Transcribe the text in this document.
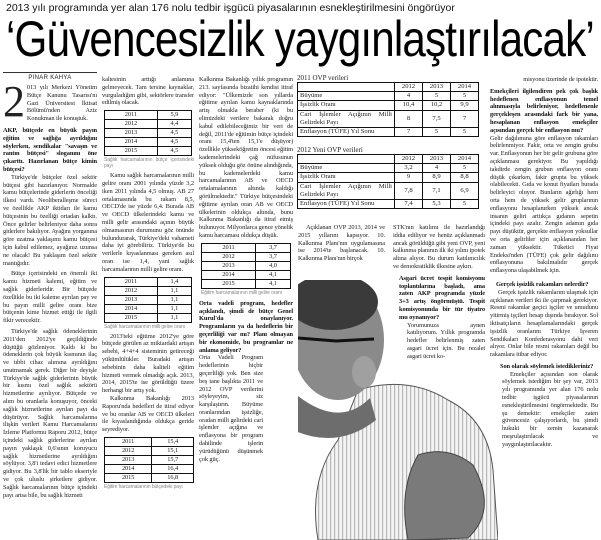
2013 yılı programında yer alan 176 nolu tedbir işgücü piyasalarının esnekleştirilmesini öngörüyor
‘Güvencesizlik yaygınlaştırılacak’
PINAR KAHYA

2 013 yılı Merkezi Yönetim Bütçe Kanunu Tasarısı'nı Gazi Üniversitesi İktisat Bölümü'nden Aziz Konukman ile konuştuk.

AKP, bütçede en büyük payın eğitim ve sağlığa ayrıldığını söylerken, sendikalar "savaşın ve rantın bütçesi" sloganını öne çıkarttı. Hazırlanan bütçe kimin bütçesi?

Türkiye'de bütçeler özel sektör bütçesi gibi hazırlanıyor. Normalde kamu bütçelerinde giderlerin önceliği ilkesi vardı. Neoliberalleşme süreci ve özellikle AKP iktidarı ile kamu bütçesinin bu özelliği ortadan kalktı. Önce gelirler belirleniyor daha sonra giderlere bakılıyor. Ayağını yorganına göre uzatma yaklaşımı kamu bütçesi için kabul edilemez, ayağınız uzunsa ne olacak! Bu yaklaşım özel sektör mantığıdır.

Bütçe içerisindeki en önemli iki kamu hizmeti kalemi, eğitim ve sağlık giderleridir. Bir bütçede özellikle bu iki kaleme ayrılan pay ve bu payın milli gelire oranı bize bütçenin kime hizmet ettiği ile ilgili fikir verecektir.

Türkiye'de sağlık ödeneklerinin 2011'den 2012'ye geçildiğinde düştüğü gözleniyor. Kaldı ki bu ödeneklerin çok büyük kısmının ilaç ve tıbbi cihaz alımına ayrıldığını unutmamak gerek. Diğer bir deyişle Türkiye'de sağlık giderlerinin büyük bir kısmı özel sağlık sektörü hizmetlerine ayrılıyor. Bütçede ve alım bu oranlarla konuşuyor, önceki sağlık hizmetlerine ayrılan payı da düşürüyor. Sağlık harcamalarına ilişkin verileri Kamu Harcamalarını İzleme Platformu Raporu 2012, bütçe içindeki sağlık giderlerine ayrılan payın yaklaşık 0,6'sının koruyucu sağlık hizmetlerine ayrıldığını söylüyor. 3,8'i tedavi edici hizmetlere gidiyor. Bu 3,8'lik bir tablo ekseriyle ve çok uluslu şirketlere gidiyor. Sağlık harcamalarının bütçe içindeki payı artsa bile, bu sağlık hizmeti

kaltesinin arttığı anlamına gelmeyecek. Tam tersine kaynaklar, vurguladığım gibi, sektörlere transfer edilmiş olacak.

2011	5,9
2012	4,4
2013	4,5
2014	4,5
2015	4,5
Sağlık harcamalarının bütçe içerisindeki payı

Kamu sağlık harcamalarının milli gelire oranı 2001 yılında yüzde 3,2 iken 2011 yılında 4,5 olmuş. AB 27 ortalamasında bu rakam 8,5, OECD'de ise yüzde 6,4. Burada AB ve OECD ülkelerindeki kamu ve milli gelir arasındaki açının büyük olmamasının durumunu göz önünde bulundurarak, Türkiye'deki vahameti daha iyi görebiliriz. Türkiye'de bu verilerle kıyaslanması gereken asıl oran ise 1,4, yani sağlık harcamalarının milli gelire oranı.

2011	1,4
2012	1,1
2013	1,1
2014	1,1
2015	1,1
Sağlık harcamalarının milli gelire oranı

2013'teki eğitime 2012'ye göre bütçede görülen az miktardaki artışın sebebi, 4+4+4 sisteminin getireceği yükümlülükler. Buradaki artışın sebebinin daha kaliteli eğitim hizmeti vermek olmadığı açık. 2013, 2014, 2015'te ise görüldüğü üzere herhangi bir artış yok.

Kalkınma Bakanlığı 2013 Raporu'nda hedefleri de itiraf ediyor ve bu oranlar AB ve OECD ülkeleri ile kıyaslandığında oldukça geride seyrediyor.

2011	15,4
2012	15,1
2013	15,7
2014	16,4
2015	16,8
Eğitim harcamalarının bütçedeki payı

Kalkınma Bakanlığı yıllık programın 213. sayfasında bizatihi kendisi itiraf ediyor: "Ülkemizde son yıllarda eğitime ayrılan kamu kaynaklarında artış olmakla beraber (ki bu elimizdeki verilere bakarak doğru kabul edilebileceğimiz bir veri de değil, 2011'de eğitimin bütçe içindeki oranı 15,4'ten 15,1'e düşüyor) özellikle yükseköğretim öncesi eğitim kademelerindeki çağ nüfusunun yüksek olduğu göz önüne alındığında, bu kademelerdeki kamu harcamalarının AB ve OECD ortalamalarının altında kaldığı görülmektedir." Türkiye bütçesindeki eğitime ayrılan oran AB ve OECD ülkelerinin oldukça altında, bunu Kalkınma Bakanlığı da itiraf etmiş bulunuyor. Milyonlarca gence yönelik kamu harcaması oldukça düşük.

2011	3,7
2012	3,7
2013	4,0
2014	4,1
2015	4,1
Eğitim harcamalarının milli gelire oranı

Orta vadeli program, hedefler açıklandı, şimdi de bütçe Genel Kurul'da onaylanıyor. Programların ya da hedeflerin bir geçerliliği var mı? Planı olmayan bir ekonomide, bu programlar ne anlama geliyor?

Orta Vadeli Program hedeflerinin hiçbir geçerliliği yok. Ben size beş tane başlıkta 2011 ve 2012 OVP verilerini söyleyeyim, siz karşılaştırın. Büyüme oranlarından işsizliğe, oradan milli gelirdeki cari işlemler açığına ve enflasyona bir program dahilinde işlerin yürüdüğünü düşünmek çok güç.

2011 OVP verileri
	2012	2013	2014
Büyüme	4	5	5
İşsizlik Oranı	10,4	10,2	9,9
Cari İşlemler Açığının Milli Gelirdeki Payı	8	7,5	7
Enflasyon (TÜFE) Yıl Sonu	7	5	5
2012 Yeni OVP verileri
	2012	2013	2014
Büyüme	3,2	4	5
İşsizlik Oranı	9	8,9	8,8
Cari İşlemler Açığının Milli Gelirdeki Payı	7,8	7,1	6,9
Enflasyon (TÜFE) Yıl Sonu	7,4	5,3	5

Açıklanan OVP 2013, 2014 ve 2015 yıllarını kapsıyor. 10. Kalkınma Planı'nın uygulamasına ise 2014'te başlanacak. 10. Kalkınma Planı'nın birçok

STK'nın katılımı ile hazırlandığı iddia ediliyor ve henüz açıklanmadı ancak görüldüğü gibi yeni OVP, yeni kalkınma planının ilk iki yılını ipotek altına alıyor. Bu durum katılımcılık ve demokratiklik ilkesine aykırı.

Asgari ücret tespit komisyonu toplantılarına başladı, ama zaten AKP programda yüzde 3+3 artış öngörmüştü. Tespit komisyonunda bir tür tiyatro mu oynanıyor?

Yorumunuza aynen katılıyorum. Yıllık programda hedefler belirlenmiş zaten asgari ücret için. Bu rezalet asgari ücret ko-

misyonu üzerinde de ipotektir.

Emekçileri ilgilendiren pek çok başlık hedeflenen enflasyonun temel alınmasıyla belirleniyor, hedeflenenle gerçekleşen arasındaki fark bir yana, hesaplanan enflasyon emekçiler açısından gerçek bir enflasyon mu?

Gelir dağılımına göre enflasyon rakamları belirlenmiyor. Fakir, orta ve zengin grubu var. Enflasyonun her bir gelir grubuna göre açıklanması gerekiyor. Bu yapıldığı takdirde zengin grubun enflasyon oranı düşük çıkarken, fakir grupta bu yüksek olabilecekti. Gıda ve konut fiyatları burada belirleyici oluyor. Bunların ağırlığı hem orta hem de yüksek gelir gruplarının enflasyonu hesaplanırken yüksek ancak insanın geliri arttıkça gıdanın sepetin içindeki payı azalır. Zengin adamın gıda payı düşüktür, gerçekte enflasyon yoksullar ve orta gelirliler için açıklanandan her zaman yüksektir. Tüketici Fiyat Endeksi'nden (TÜFE) çok gelir dağılımı enflasyonuna bakılmalıdır gerçek enflasyona ulaşabilmek için.

Gerçek işsizlik rakamları nelerdir?

Gerçek işsizlik rakamlarını ulaşmak için açıklanan verileri iki ile çarpmak gerekiyor. Resmi rakamlar geçici işçiler ve umudunu yitirmiş işçileri hesap dışında bırakıyor. Sol iktisatçıların hesaplamalarındaki gerçek işsizlik oranlarını Türkiye İşveren Sendikaları Konfederasyonu dahi veri alıyor. Onlar bile resmi rakamları değil bu rakamlara itibar ediyor.

Son olarak söylemek istedikleriniz?

Emekçiler açısından son olarak söylemek istediğim bir şey var, 2013 yılı programında yer alan 176 nolu tedbir işgücü piyasalarının esnekleştirilmesini öngörmektedir. Bu şu demektir: emekçiler zaten güvencesiz çalışıyorlardı, bu şimdi hukuki bir zemin kazanarak meşrulaştırılacak ve yaygınlaştırılacaktır.
